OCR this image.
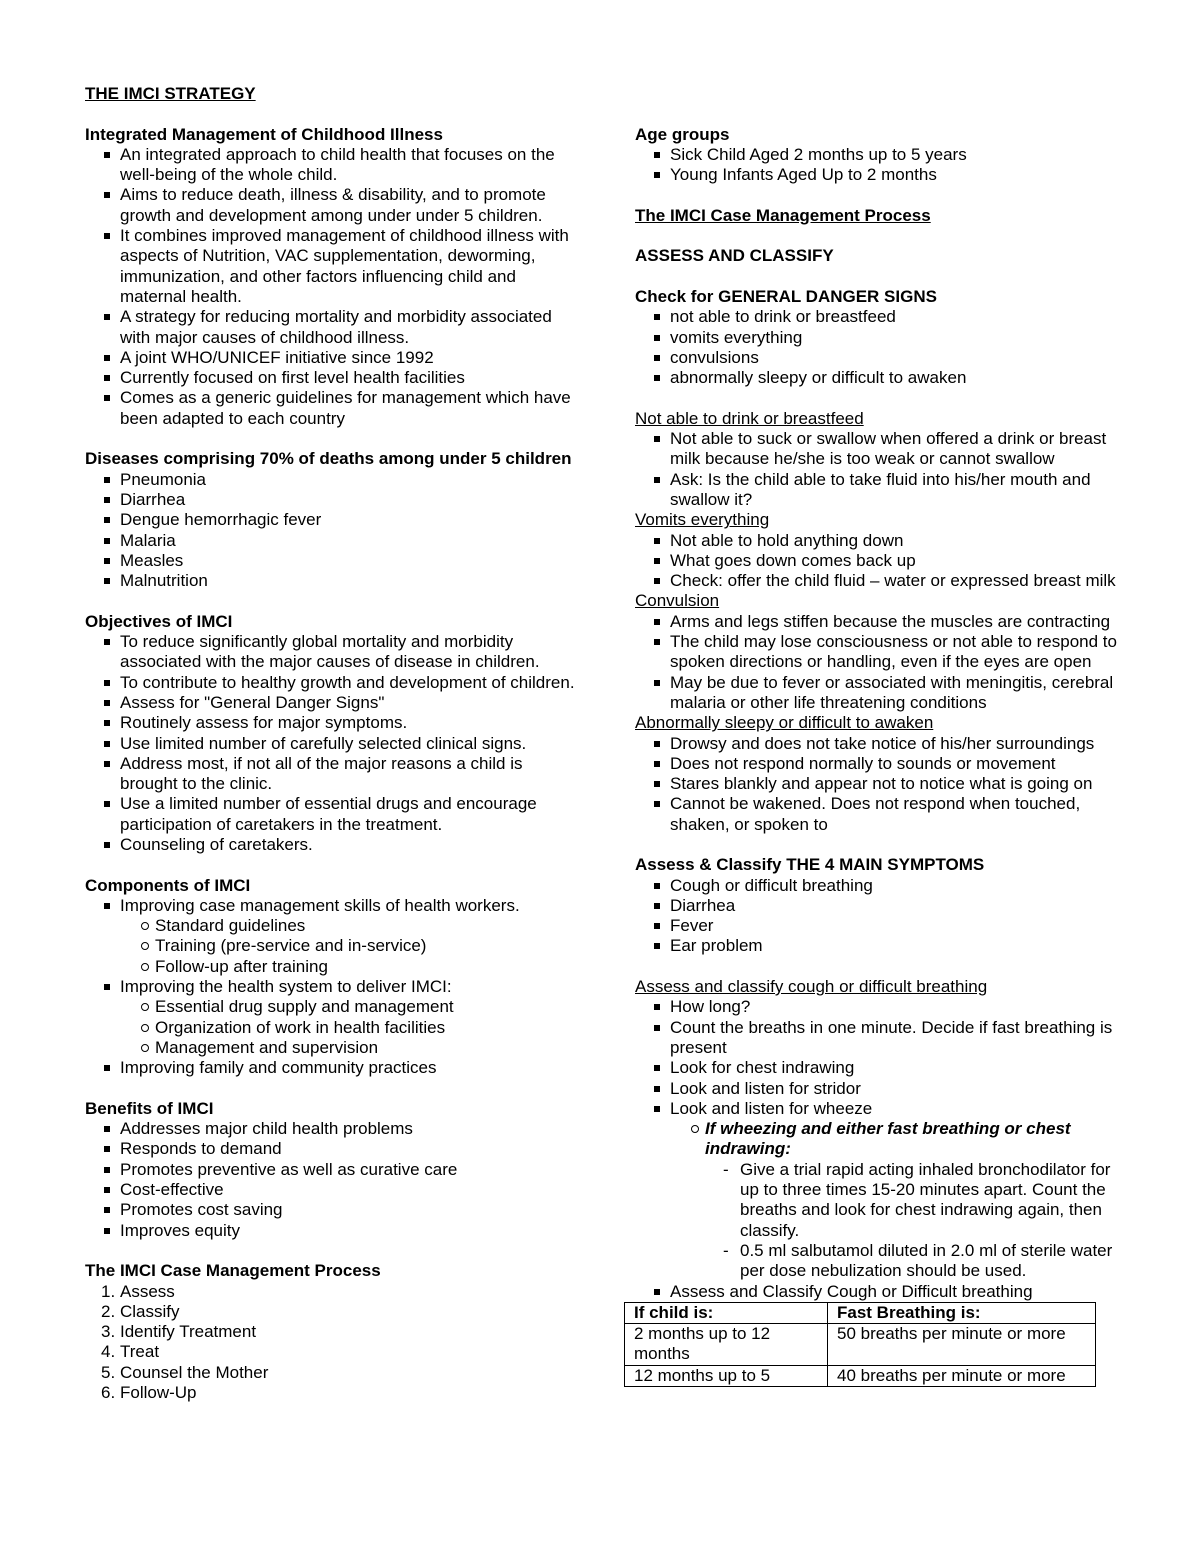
THE IMCI STRATEGY

Integrated Management of Childhood Illness

An integrated approach to child health that focuses on the well-being of the whole child.
Aims to reduce death, illness & disability, and to promote growth and development among under under 5 children.
It combines improved management of childhood illness with aspects of Nutrition, VAC supplementation, deworming, immunization, and other factors influencing child and maternal health.
A strategy for reducing mortality and morbidity associated with major causes of childhood illness.
A joint WHO/UNICEF initiative since 1992
Currently focused on first level health facilities
Comes as a generic guidelines for management which have been adapted to each country

Diseases comprising 70% of deaths among under 5 children

Pneumonia
Diarrhea
Dengue hemorrhagic fever
Malaria
Measles
Malnutrition

Objectives of IMCI

To reduce significantly global mortality and morbidity associated with the major causes of disease in children.
To contribute to healthy growth and development of children.
Assess for "General Danger Signs"
Routinely assess for major symptoms.
Use limited number of carefully selected clinical signs.
Address most, if not all of the major reasons a child is brought to the clinic.
Use a limited number of essential drugs and encourage participation of caretakers in the treatment.
Counseling of caretakers.

Components of IMCI

Improving case management skills of health workers.
Standard guidelines
Training (pre-service and in-service)
Follow-up after training
Improving the health system to deliver IMCI:
Essential drug supply and management
Organization of work in health facilities
Management and supervision
Improving family and community practices

Benefits of IMCI

Addresses major child health problems
Responds to demand
Promotes preventive as well as curative care
Cost-effective
Promotes cost saving
Improves equity

The IMCI Case Management Process

1. Assess
2. Classify
3. Identify Treatment
4. Treat
5. Counsel the Mother
6. Follow-Up

Age groups

Sick Child Aged 2 months up to 5 years
Young Infants Aged Up to 2 months

The IMCI Case Management Process

ASSESS AND CLASSIFY

Check for GENERAL DANGER SIGNS

not able to drink or breastfeed
vomits everything
convulsions
abnormally sleepy or difficult to awaken

Not able to drink or breastfeed

Not able to suck or swallow when offered a drink or breast milk because he/she is too weak or cannot swallow
Ask: Is the child able to take fluid into his/her mouth and swallow it?

Vomits everything

Not able to hold anything down
What goes down comes back up
Check: offer the child fluid – water or expressed breast milk

Convulsion

Arms and legs stiffen because the muscles are contracting
The child may lose consciousness or not able to respond to spoken directions or handling, even if the eyes are open
May be due to fever or associated with meningitis, cerebral malaria or other life threatening conditions

Abnormally sleepy or difficult to awaken

Drowsy and does not take notice of his/her surroundings
Does not respond normally to sounds or movement
Stares blankly and appear not to notice what is going on
Cannot be wakened. Does not respond when touched, shaken, or spoken to

Assess & Classify THE 4 MAIN SYMPTOMS

Cough or difficult breathing
Diarrhea
Fever
Ear problem

Assess and classify cough or difficult breathing

How long?
Count the breaths in one minute. Decide if fast breathing is present
Look for chest indrawing
Look and listen for stridor
Look and listen for wheeze
If wheezing and either fast breathing or chest indrawing:
- Give a trial rapid acting inhaled bronchodilator for up to three times 15-20 minutes apart. Count the breaths and look for chest indrawing again, then classify.
- 0.5 ml salbutamol diluted in 2.0 ml of sterile water per dose nebulization should be used.
Assess and Classify Cough or Difficult breathing
If child is:	Fast Breathing is:
2 months up to 12 months	50 breaths per minute or more
12 months up to 5	40 breaths per minute or more
